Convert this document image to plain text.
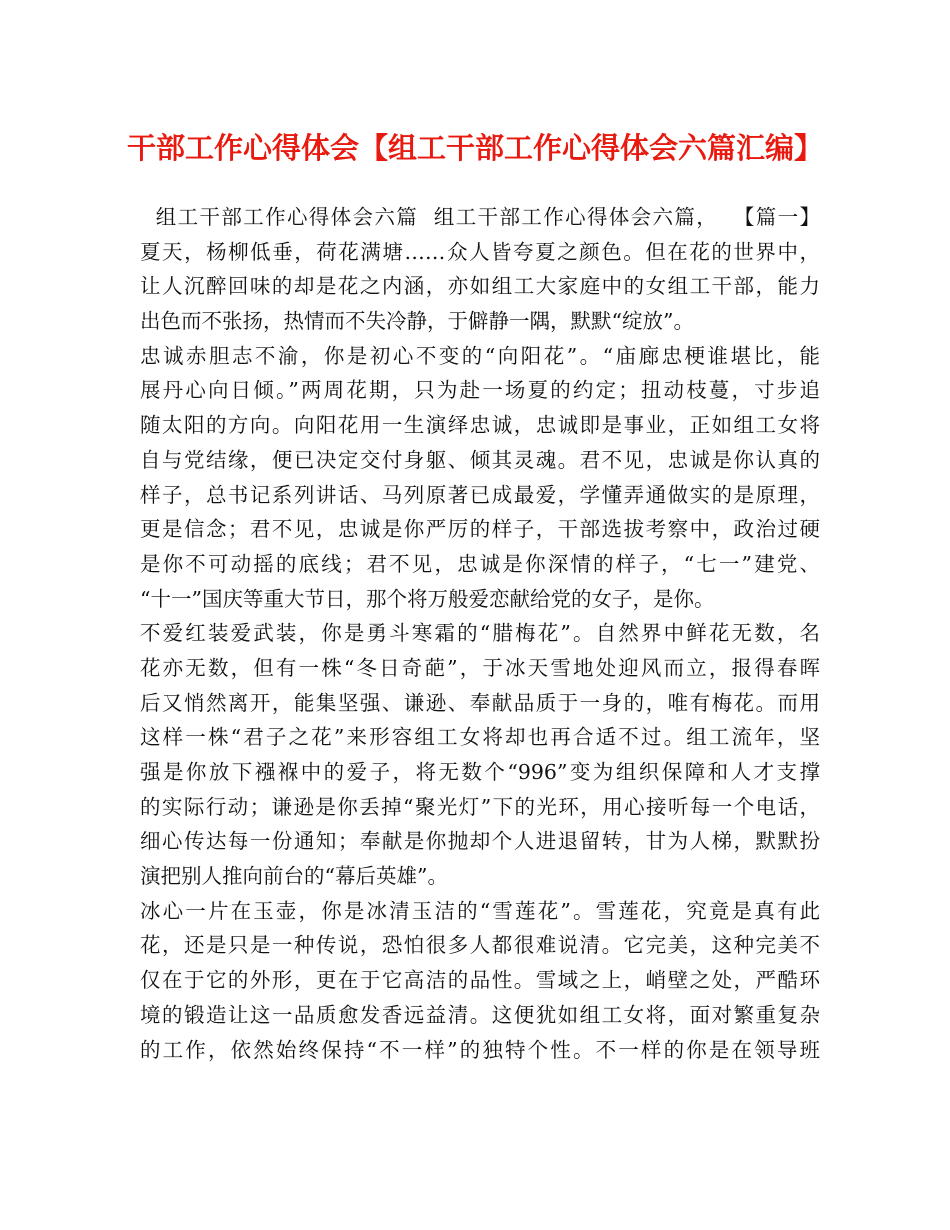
干部工作心得体会【组工干部工作心得体会六篇汇编】
组工干部工作心得体会六篇  组工干部工作心得体会六篇，  【篇一】
夏天，杨柳低垂，荷花满塘……众人皆夸夏之颜色。但在花的世界中，
让人沉醉回味的却是花之内涵，亦如组工大家庭中的女组工干部，能力
出色而不张扬，热情而不失冷静，于僻静一隅，默默“绽放”。
忠诚赤胆志不渝，你是初心不变的“向阳花”。“庙廊忠梗谁堪比，能
展丹心向日倾。”两周花期，只为赴一场夏的约定；扭动枝蔓，寸步追
随太阳的方向。向阳花用一生演绎忠诚，忠诚即是事业，正如组工女将
自与党结缘，便已决定交付身躯、倾其灵魂。君不见，忠诚是你认真的
样子，总书记系列讲话、马列原著已成最爱，学懂弄通做实的是原理，
更是信念；君不见，忠诚是你严厉的样子，干部选拔考察中，政治过硬
是你不可动摇的底线；君不见，忠诚是你深情的样子，“七一”建党、
“十一”国庆等重大节日，那个将万般爱恋献给党的女子，是你。
不爱红装爱武装，你是勇斗寒霜的“腊梅花”。自然界中鲜花无数，名
花亦无数，但有一株“冬日奇葩”，于冰天雪地处迎风而立，报得春晖
后又悄然离开，能集坚强、谦逊、奉献品质于一身的，唯有梅花。而用
这样一株“君子之花”来形容组工女将却也再合适不过。组工流年，坚
强是你放下襁褓中的爱子，将无数个“996”变为组织保障和人才支撑
的实际行动；谦逊是你丢掉“聚光灯”下的光环，用心接听每一个电话，
细心传达每一份通知；奉献是你抛却个人进退留转，甘为人梯，默默扮
演把别人推向前台的“幕后英雄”。
冰心一片在玉壶，你是冰清玉洁的“雪莲花”。雪莲花，究竟是真有此
花，还是只是一种传说，恐怕很多人都很难说清。它完美，这种完美不
仅在于它的外形，更在于它高洁的品性。雪域之上，峭壁之处，严酷环
境的锻造让这一品质愈发香远益清。这便犹如组工女将，面对繁重复杂
的工作，依然始终保持“不一样”的独特个性。不一样的你是在领导班
